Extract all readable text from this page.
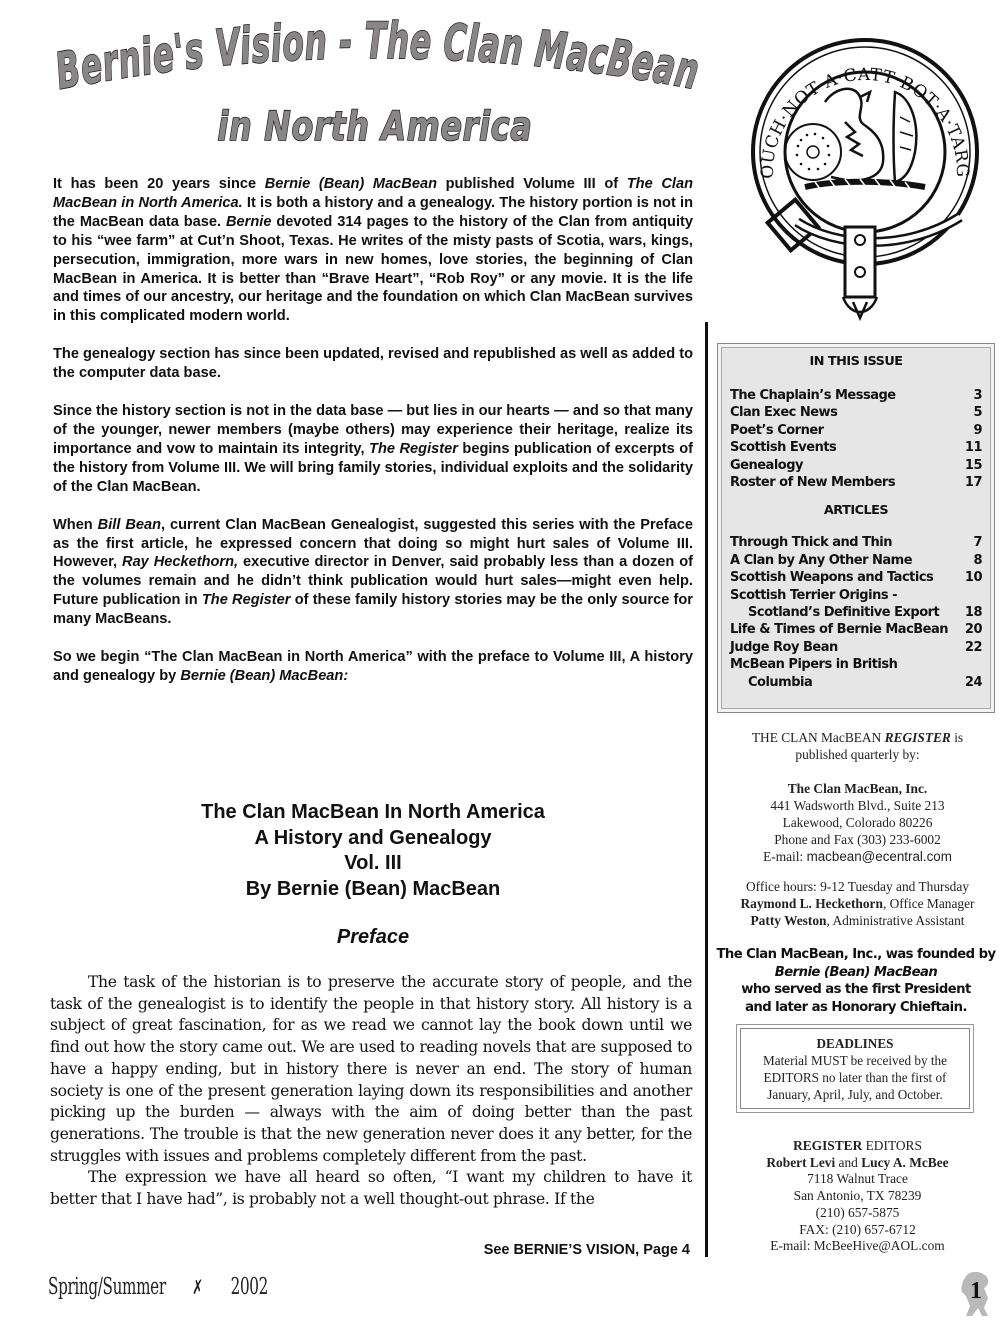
Bernie's Vision - The Clan MacBea
in North America

It has been 20 years since Bernie (Bean) MacBean published Volume III of The Clan MacBean in North America. It is both a history and a genealogy. The history portion is not in the MacBean data base. Bernie devoted 314 pages to the history of the Clan from antiquity to his “wee farm” at Cut’n Shoot, Texas. He writes of the misty pasts of Scotia, wars, kings, persecution, immigration, more wars in new homes, love stories, the beginning of Clan MacBean in America. It is better than “Brave Heart”, “Rob Roy” or any movie. It is the life and times of our ancestry, our heritage and the foundation on which Clan MacBean survives in this complicated modern world.

The genealogy section has since been updated, revised and republished as well as added to the computer data base.

Since the history section is not in the data base — but lies in our hearts — and so that many of the younger, newer members (maybe others) may experience their heritage, realize its importance and vow to maintain its integrity, The Register begins publication of excerpts of the history from Volume III. We will bring family stories, individual exploits and the solidarity of the Clan MacBean.

When Bill Bean, current Clan MacBean Genealogist, suggested this series with the Preface as the first article, he expressed concern that doing so might hurt sales of Volume III. However, Ray Heckethorn, executive director in Denver, said probably less than a dozen of the volumes remain and he didn’t think publication would hurt sales—might even help. Future publication in The Register of these family history stories may be the only source for many MacBeans.

So we begin “The Clan MacBean in North America” with the preface to Volume III, A history and genealogy by Bernie (Bean) MacBean:

The Clan MacBean In North America
A History and Genealogy
Vol. III
By Bernie (Bean) MacBean
Preface

The task of the historian is to preserve the accurate story of people, and the task of the genealogist is to identify the people in that history story. All history is a subject of great fascination, for as we read we cannot lay the book down until we find out how the story came out. We are used to reading novels that are supposed to have a happy ending, but in history there is never an end. The story of human society is one of the present generation laying down its responsibilities and another picking up the burden — always with the aim of doing better than the past generations. The trouble is that the new generation never does it any better, for the struggles with issues and problems completely different from the past.

The expression we have all heard so often, “I want my children to have it better that I have had”, is probably not a well thought-out phrase. If the

See BERNIE’S VISION, Page 4
OUCH·NOT·A·CATT·BOT·A·TARG
IN THIS ISSUE
The Chaplain’s Message	3
Clan Exec News	5
Poet’s Corner	9
Scottish Events	11
Genealogy	15
Roster of New Members	17
ARTICLES
Through Thick and Thin	7
A Clan by Any Other Name	8
Scottish Weapons and Tactics 10
Scottish Terrier Origins -
Scotland’s Definitive Export 18
Life & Times of Bernie MacBean 20
Judge Roy Bean	22
McBean Pipers in British
Columbia	24

THE CLAN MacBEAN REGISTER is
published quarterly by:

The Clan MacBean, Inc.
441 Wadsworth Blvd., Suite 213
Lakewood, Colorado 80226
Phone and Fax (303) 233-6002
E-mail: macbean@ecentral.com

Office hours: 9-12 Tuesday and Thursday
Raymond L. Heckethorn, Office Manager
Patty Weston, Administrative Assistant

The Clan MacBean, Inc., was founded by
Bernie (Bean) MacBean
who served as the first President
and later as Honorary Chieftain.
DEADLINES
Material MUST be received by the
EDITORS no later than the first of
January, April, July, and October.
REGISTER EDITORS
Robert Levi and Lucy A. McBee
7118 Walnut Trace
San Antonio, TX 78239
(210) 657-5875
FAX: (210) 657-6712
E-mail: McBeeHive@AOL.com
Spring/Summer ✗ 2002	1
